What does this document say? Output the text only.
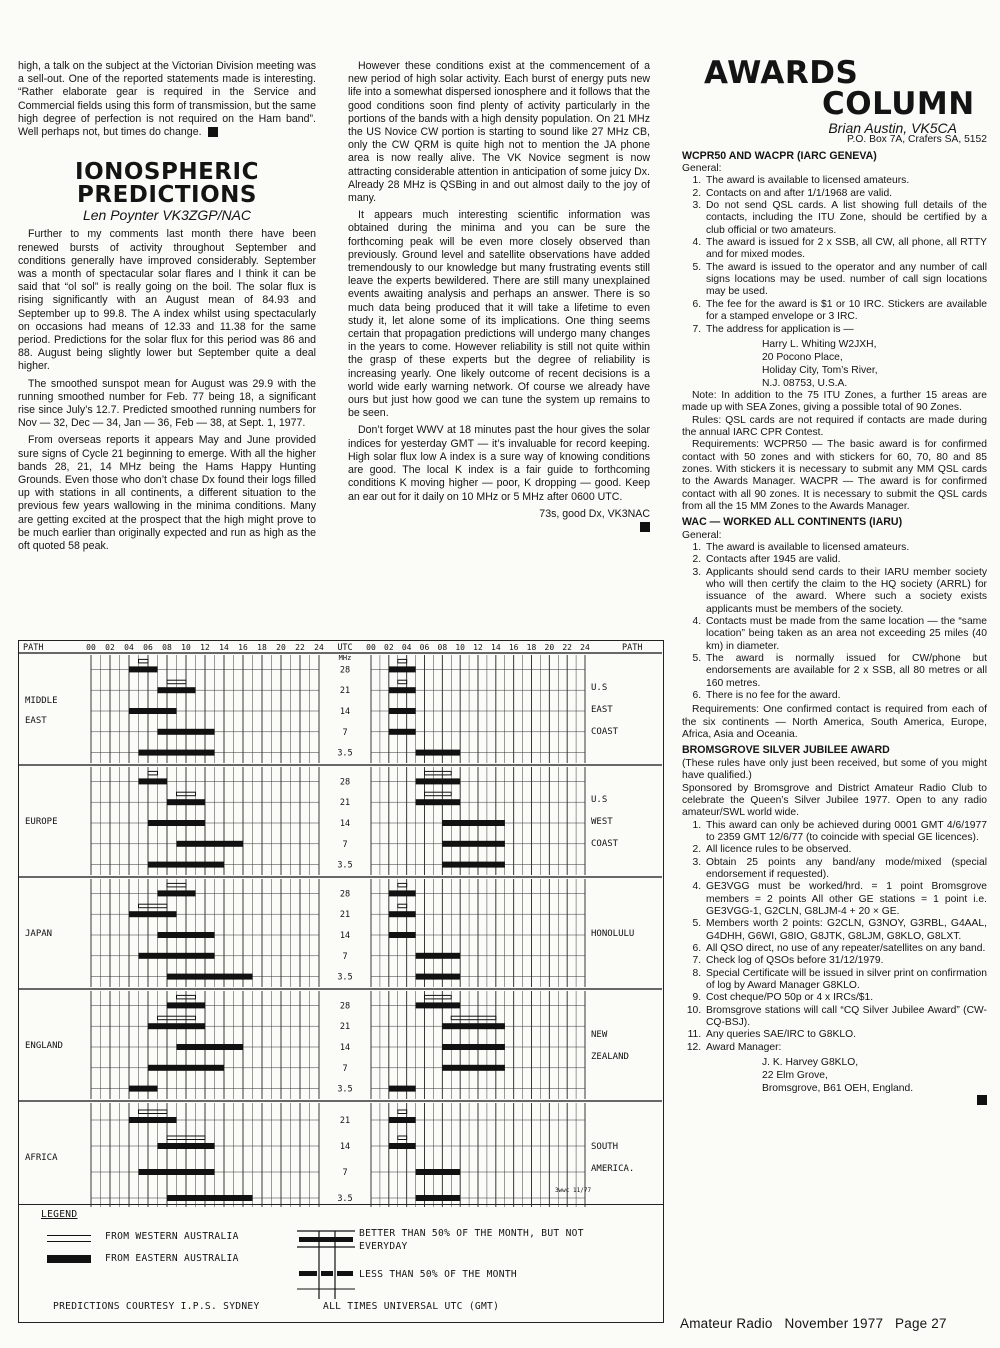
high, a talk on the subject at the Victorian Division meeting was a sell-out. One of the reported statements made is interesting. “Rather elaborate gear is required in the Service and Commercial fields using this form of transmission, but the same high degree of perfection is not required on the Ham band”. Well perhaps not, but times do change.

IONOSPHERIC
PREDICTIONS
Len Poynter VK3ZGP/NAC

Further to my comments last month there have been renewed bursts of activity throughout September and conditions generally have improved considerably. September was a month of spectacular solar flares and I think it can be said that “ol sol” is really going on the boil. The solar flux is rising significantly with an August mean of 84.93 and September up to 99.8. The A index whilst using spectacularly on occasions had means of 12.33 and 11.38 for the same period. Predictions for the solar flux for this period was 86 and 88. August being slightly lower but September quite a deal higher.

The smoothed sunspot mean for August was 29.9 with the running smoothed number for Feb. 77 being 18, a significant rise since July’s 12.7. Predicted smoothed running numbers for Nov — 32, Dec — 34, Jan — 36, Feb — 38, at Sept. 1, 1977.

From overseas reports it appears May and June provided sure signs of Cycle 21 beginning to emerge. With all the higher bands 28, 21, 14 MHz being the Hams Happy Hunting Grounds. Even those who don’t chase Dx found their logs filled up with stations in all continents, a different situation to the previous few years wallowing in the minima conditions. Many are getting excited at the prospect that the high might prove to be much earlier than originally expected and run as high as the oft quoted 58 peak.

However these conditions exist at the commencement of a new period of high solar activity. Each burst of energy puts new life into a somewhat dispersed ionosphere and it follows that the good conditions soon find plenty of activity particularly in the portions of the bands with a high density population. On 21 MHz the US Novice CW portion is starting to sound like 27 MHz CB, only the CW QRM is quite high not to mention the JA phone area is now really alive. The VK Novice segment is now attracting considerable attention in anticipation of some juicy Dx. Already 28 MHz is QSBing in and out almost daily to the joy of many.

It appears much interesting scientific information was obtained during the minima and you can be sure the forthcoming peak will be even more closely observed than previously. Ground level and satellite observations have added tremendously to our knowledge but many frustrating events still leave the experts bewildered. There are still many unexplained events awaiting analysis and perhaps an answer. There is so much data being produced that it will take a lifetime to even study it, let alone some of its implications. One thing seems certain that propagation predictions will undergo many changes in the years to come. However reliability is still not quite within the grasp of these experts but the degree of reliability is increasing yearly. One likely outcome of recent decisions is a world wide early warning network. Of course we already have ours but just how good we can tune the system up remains to be seen.

Don’t forget WWV at 18 minutes past the hour gives the solar indices for yesterday GMT — it’s invaluable for record keeping. High solar flux low A index is a sure way of knowing conditions are good. The local K index is a fair guide to forthcoming conditions K moving higher — poor, K dropping — good. Keep an ear out for it daily on 10 MHz or 5 MHz after 0600 UTC.

73s, good Dx, VK3NAC
AWARDS
COLUMN
Brian Austin, VK5CA
P.O. Box 7A, Crafers SA, 5152
WCPR50 AND WACPR (IARC GENEVA)
General:
1. The award is available to licensed amateurs.
2. Contacts on and after 1/1/1968 are valid.
3. Do not send QSL cards. A list showing full details of the contacts, including the ITU Zone, should be certified by a club official or two amateurs.
4. The award is issued for 2 x SSB, all CW, all phone, all RTTY and for mixed modes.
5. The award is issued to the operator and any number of call signs locations may be used. number of call sign locations may be used.
6. The fee for the award is $1 or 10 IRC. Stickers are available for a stamped envelope or 3 IRC.
7. The address for application is —
Harry L. Whiting W2JXH,
20 Pocono Place,
Holiday City, Tom’s River,
N.J. 08753, U.S.A.

Note: In addition to the 75 ITU Zones, a further 15 areas are made up with SEA Zones, giving a possible total of 90 Zones.

Rules: QSL cards are not required if contacts are made during the annual IARC CPR Contest.

Requirements: WCPR50 — The basic award is for confirmed contact with 50 zones and with stickers for 60, 70, 80 and 85 zones. With stickers it is necessary to submit any MM QSL cards to the Awards Manager. WACPR — The award is for confirmed contact with all 90 zones. It is necessary to submit the QSL cards from all the 15 MM Zones to the Awards Manager.

WAC — WORKED ALL CONTINENTS (IARU)
General:
1. The award is available to licensed amateurs.
2. Contacts after 1945 are valid.
3. Applicants should send cards to their IARU member society who will then certify the claim to the HQ society (ARRL) for issuance of the award. Where such a society exists applicants must be members of the society.
4. Contacts must be made from the same location — the “same location” being taken as an area not exceeding 25 miles (40 km) in diameter.
5. The award is normally issued for CW/phone but endorsements are available for 2 x SSB, all 80 metres or all 160 metres.
6. There is no fee for the award.

Requirements: One confirmed contact is required from each of the six continents — North America, South America, Europe, Africa, Asia and Oceania.

BROMSGROVE SILVER JUBILEE AWARD

(These rules have only just been received, but some of you might have qualified.)

Sponsored by Bromsgrove and District Amateur Radio Club to celebrate the Queen’s Silver Jubilee 1977. Open to any radio amateur/SWL world wide.

1. This award can only be achieved during 0001 GMT 4/6/1977 to 2359 GMT 12/6/77 (to coincide with special GE licences).
2. All licence rules to be observed.
3. Obtain 25 points any band/any mode/mixed (special endorsement if requested).
4. GE3VGG must be worked/hrd. = 1 point Bromsgrove members = 2 points All other GE stations = 1 point i.e. GE3VGG-1, G2CLN, G8LJM-4 + 20 × GE.
5. Members worth 2 points: G2CLN, G3NOY, G3RBL, G4AAL, G4DHH, G6WI, G8IO, G8JTK, G8LJM, G8KLO, G8LXT.
6. All QSO direct, no use of any repeater/satellites on any band.
7. Check log of QSOs before 31/12/1979.
8. Special Certificate will be issued in silver print on confirmation of log by Award Manager G8KLO.
9. Cost cheque/PO 50p or 4 x IRCs/$1.
10. Bromsgrove stations will call “CQ Silver Jubilee Award” (CW-CQ-BSJ).
11. Any queries SAE/IRC to G8KLO.
12. Award Manager:
J. K. Harvey G8KLO,
22 Elm Grove,
Bromsgrove, B61 OEH, England.
PATH	PATH
UTC
MHz
00	00
02	02
04	04
06	06
08	08
10	10
12	12
14	14
16	16
18	18
20	20
22	22
24	24
28
21
14
7
3.5
MIDDLE
EAST
U.S
EAST
COAST
28
21
14
7
3.5
EUROPE
U.S
WEST
COAST
28
21
14
7
3.5
JAPAN	HONOLULU
28
21
14
7
3.5
ENGLAND
NEW
ZEALAND
21
14
7
3.5
AFRICA
SOUTH
AMERICA.
3wwc 11/77
LEGEND
FROM WESTERN AUSTRALIA
FROM EASTERN AUSTRALIA
BETTER THAN 50% OF THE MONTH, BUT NOT EVERYDAY
LESS THAN 50% OF THE MONTH
PREDICTIONS COURTESY I.P.S. SYDNEY	ALL TIMES UNIVERSAL UTC (GMT)
Amateur Radio November 1977 Page 27
